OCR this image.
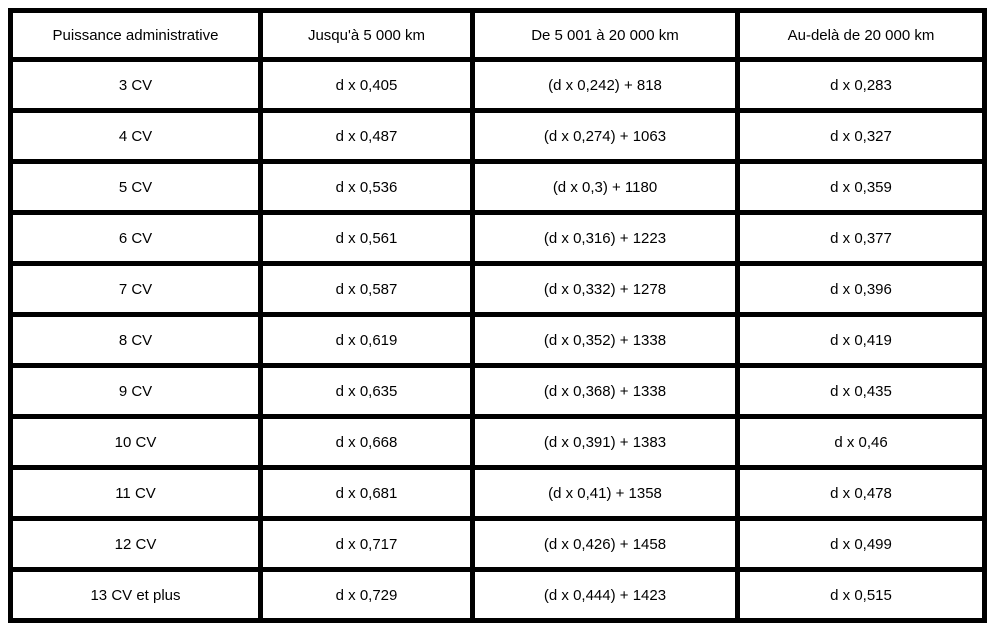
Puissance administrative	Jusqu'à 5 000 km	De 5 001 à 20 000 km	Au-delà de 20 000 km
3 CV	d x 0,405	(d x 0,242) + 818	d x 0,283
4 CV	d x 0,487	(d x 0,274) + 1063	d x 0,327
5 CV	d x 0,536	(d x 0,3) + 1180	d x 0,359
6 CV	d x 0,561	(d x 0,316) + 1223	d x 0,377
7 CV	d x 0,587	(d x 0,332) + 1278	d x 0,396
8 CV	d x 0,619	(d x 0,352) + 1338	d x 0,419
9 CV	d x 0,635	(d x 0,368) + 1338	d x 0,435
10 CV	d x 0,668	(d x 0,391) + 1383	d x 0,46
11 CV	d x 0,681	(d x 0,41) + 1358	d x 0,478
12 CV	d x 0,717	(d x 0,426) + 1458	d x 0,499
13 CV et plus	d x 0,729	(d x 0,444) + 1423	d x 0,515
